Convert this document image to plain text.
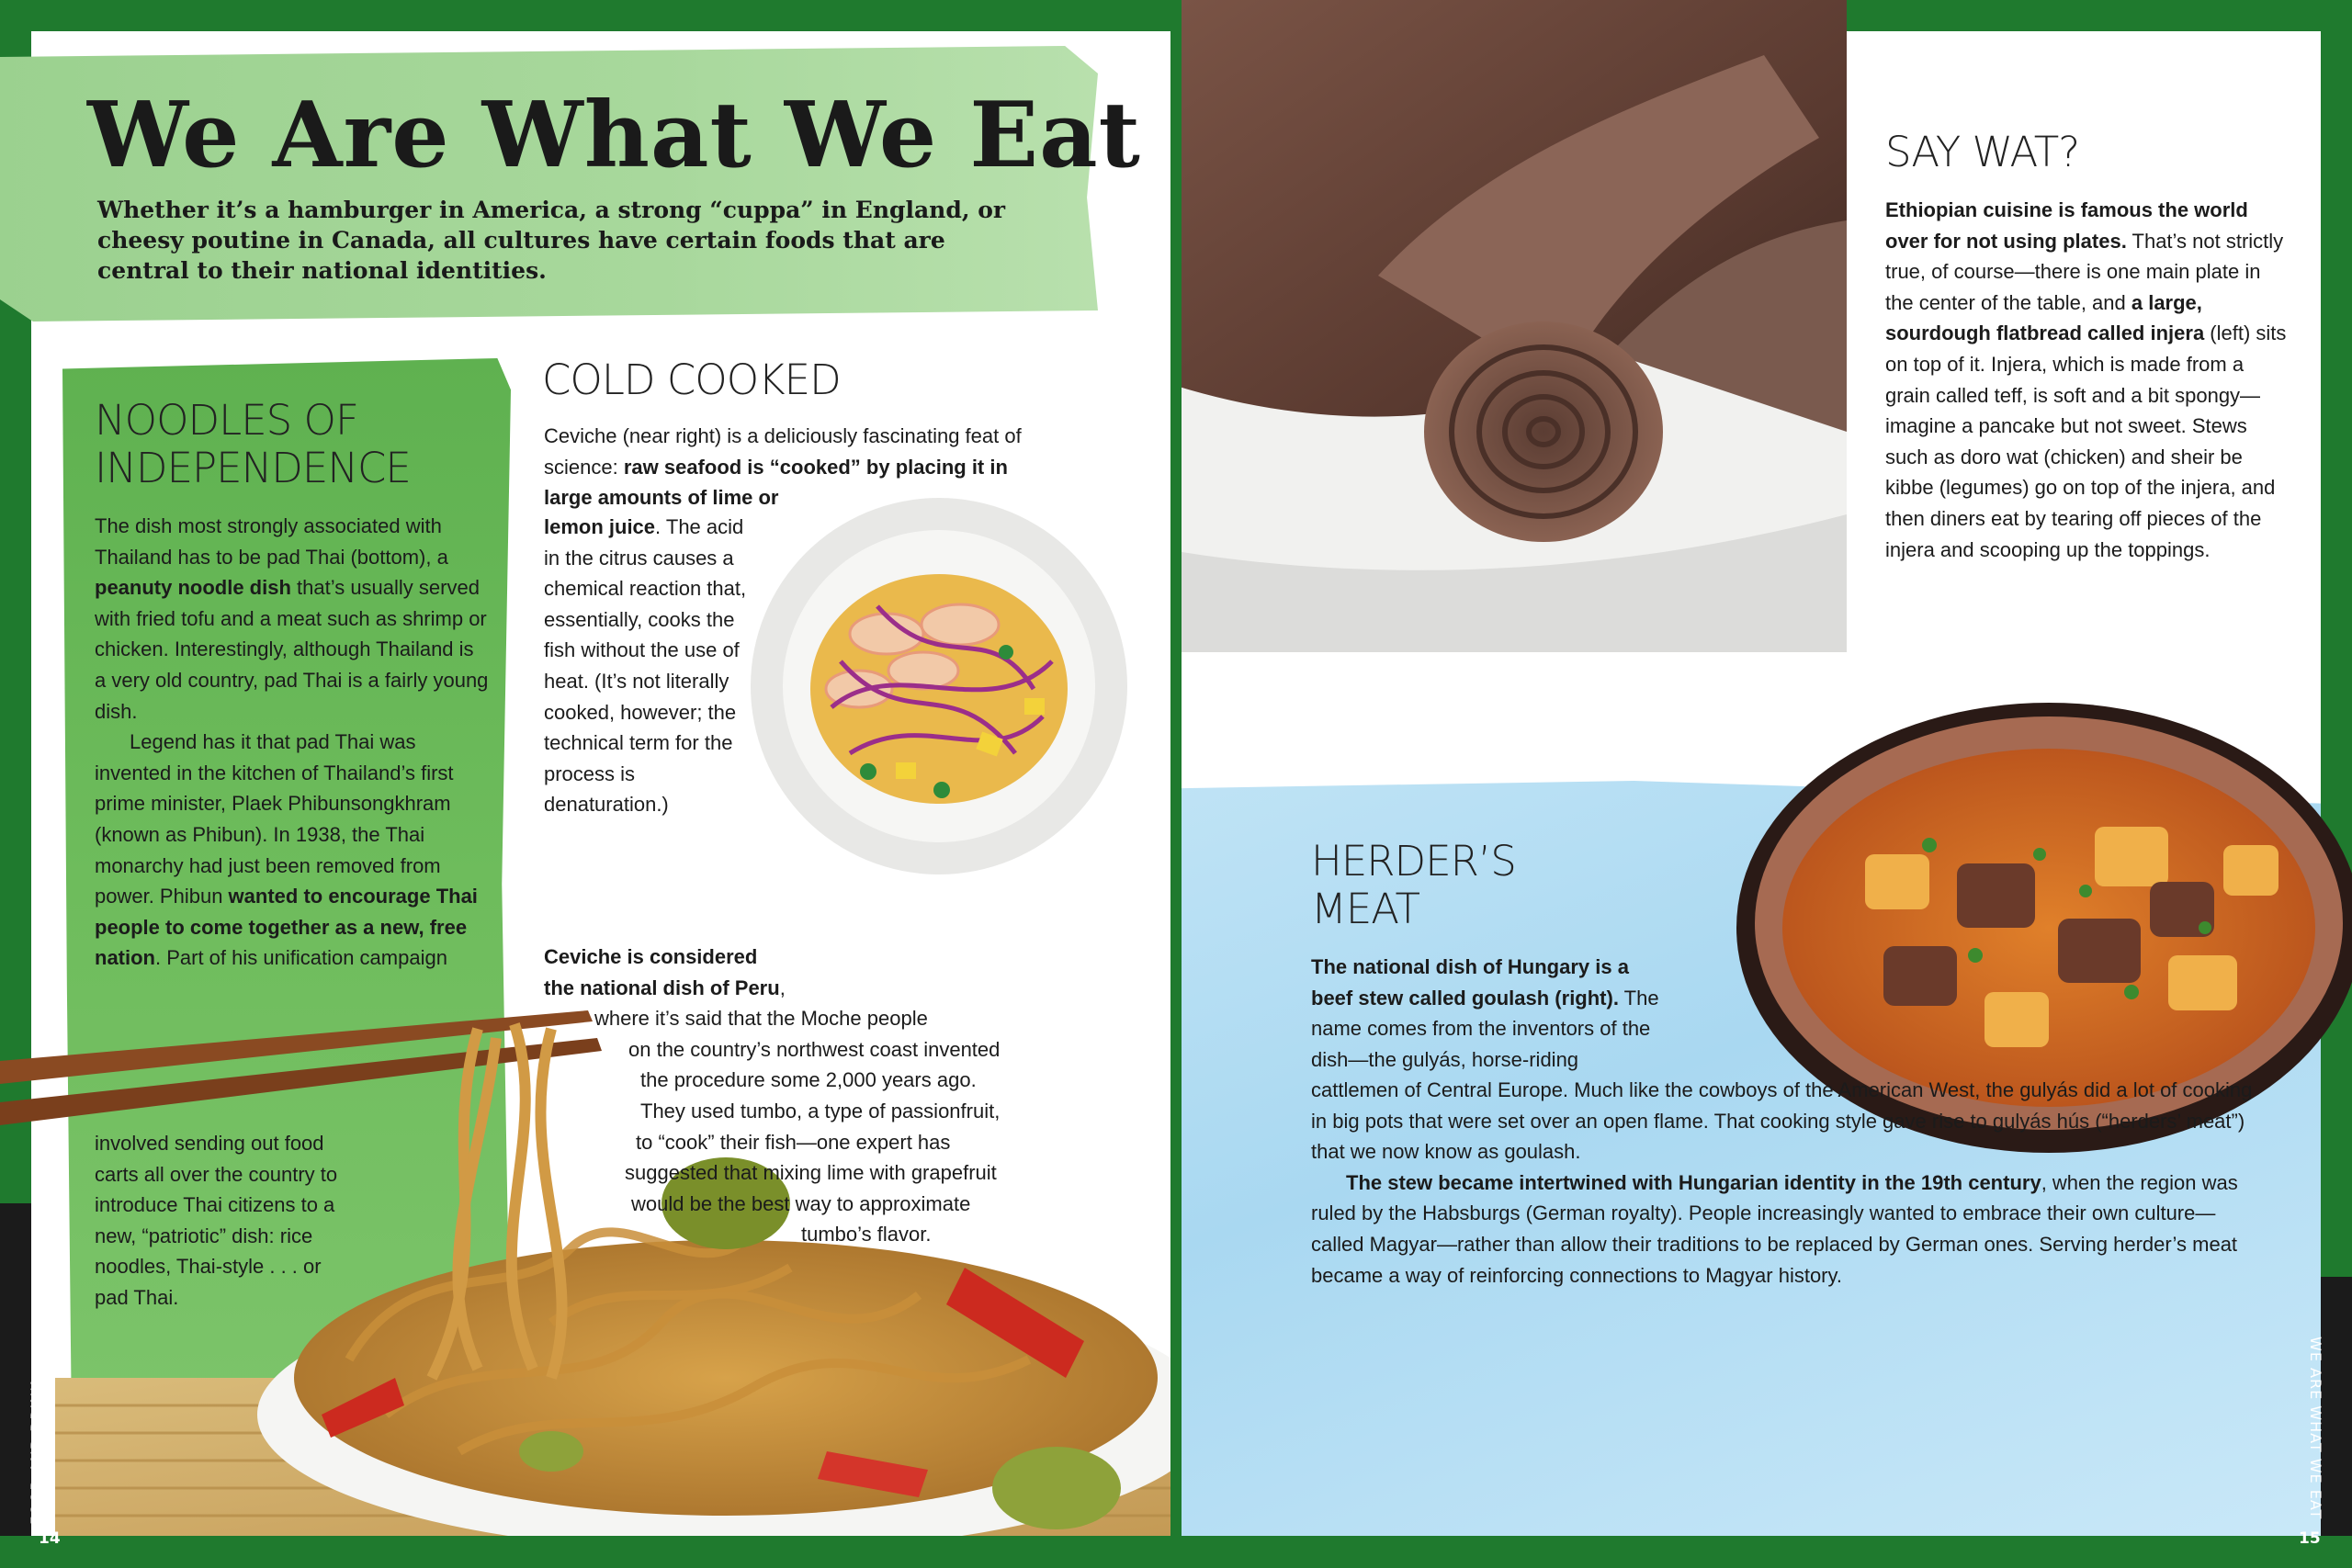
We Are What We Eat
Whether it’s a hamburger in America, a strong “cuppa” in England, or cheesy poutine in Canada, all cultures have certain foods that are central to their national identities.
NOODLES OF
INDEPENDENCE

The dish most strongly associated with Thailand has to be pad Thai (bottom), a peanuty noodle dish that’s usually served with fried tofu and a meat such as shrimp or chicken. Interestingly, although Thailand is a very old country, pad Thai is a fairly young dish.

Legend has it that pad Thai was invented in the kitchen of Thailand’s first prime minister, Plaek Phibunsongkhram (known as Phibun). In 1938, the Thai monarchy had just been removed from power. Phibun wanted to encourage Thai people to come together as a new, free nation. Part of his unification campaign

involved sending out food carts all over the country to introduce Thai citizens to a new, “patriotic” dish: rice noodles, Thai-style . . . or pad Thai.
COLD COOKED
Ceviche (near right) is a deliciously fascinating feat of science: raw seafood is “cooked” by placing it in large amounts of lime or
lemon juice. The acid in the citrus causes a chemical reaction that, essentially, cooks the fish without the use of heat. (It’s not literally cooked, however; the technical term for the process is denaturation.)
Ceviche is considered
the national dish of Peru,
where it’s said that the Moche people
on the country’s northwest coast invented
the procedure some 2,000 years ago.
They used tumbo, a type of passionfruit,
to “cook” their fish—one expert has
suggested that mixing lime with grapefruit
would be the best way to approximate
tumbo’s flavor.
SAY WAT?
Ethiopian cuisine is famous the world over for not using plates. That’s not strictly true, of course—there is one main plate in the center of the table, and a large, sourdough flatbread called injera (left) sits on top of it. Injera, which is made from a grain called teff, is soft and a bit spongy—imagine a pancake but not sweet. Stews such as doro wat (chicken) and sheir be kibbe (legumes) go on top of the injera, and then diners eat by tearing off pieces of the injera and scooping up the toppings.
HERDER’S
MEAT
The national dish of Hungary is a beef stew called goulash (right). The name comes from the inventors of the dish—the gulyás, horse-riding

cattlemen of Central Europe. Much like the cowboys of the American West, the gulyás did a lot of cooking in big pots that were set over an open flame. That cooking style gave rise to gulyás hús (“herders’ meat”) that we now know as goulash.

The stew became intertwined with Hungarian identity in the 19th century, when the region was ruled by the Habsburgs (German royalty). People increasingly wanted to embrace their own culture—called Magyar—rather than allow their traditions to be replaced by German ones. Serving herder’s meat became a way of reinforcing connections to Magyar history.

FOOD AND DRINK	WE ARE WHAT WE EAT
14	15
